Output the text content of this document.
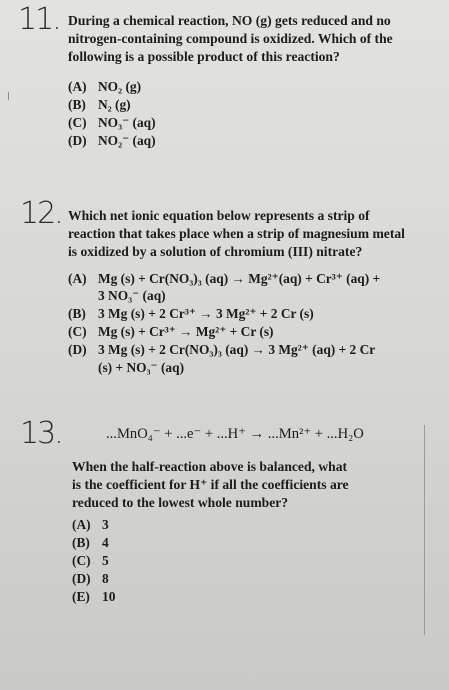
11. During a chemical reaction, NO (g) gets reduced and no
nitrogen-containing compound is oxidized. Which of the
following is a possible product of this reaction?
(A) NO₂ (g)
(B) N₂ (g)
(C) NO₃⁻ (aq)
(D) NO₂⁻ (aq)
12. Which net ionic equation below represents a strip of
reaction that takes place when a strip of magnesium metal
is oxidized by a solution of chromium (III) nitrate?
(A) Mg (s) + Cr(NO₃)₃ (aq) → Mg²⁺(aq) + Cr³⁺ (aq) +
3 NO₃⁻ (aq)
(B) 3 Mg (s) + 2 Cr³⁺ → 3 Mg²⁺ + 2 Cr (s)
(C) Mg (s) + Cr³⁺ → Mg²⁺ + Cr (s)
(D) 3 Mg (s) + 2 Cr(NO₃)₃ (aq) → 3 Mg²⁺ (aq) + 2 Cr
(s) + NO₃⁻ (aq)
13.	...MnO₄⁻ + ...e⁻ + ...H⁺ → ...Mn²⁺ + ...H₂O
When the half-reaction above is balanced, what
is the coefficient for H⁺ if all the coefficients are
reduced to the lowest whole number?
(A) 3
(B) 4
(C) 5
(D) 8
(E) 10
